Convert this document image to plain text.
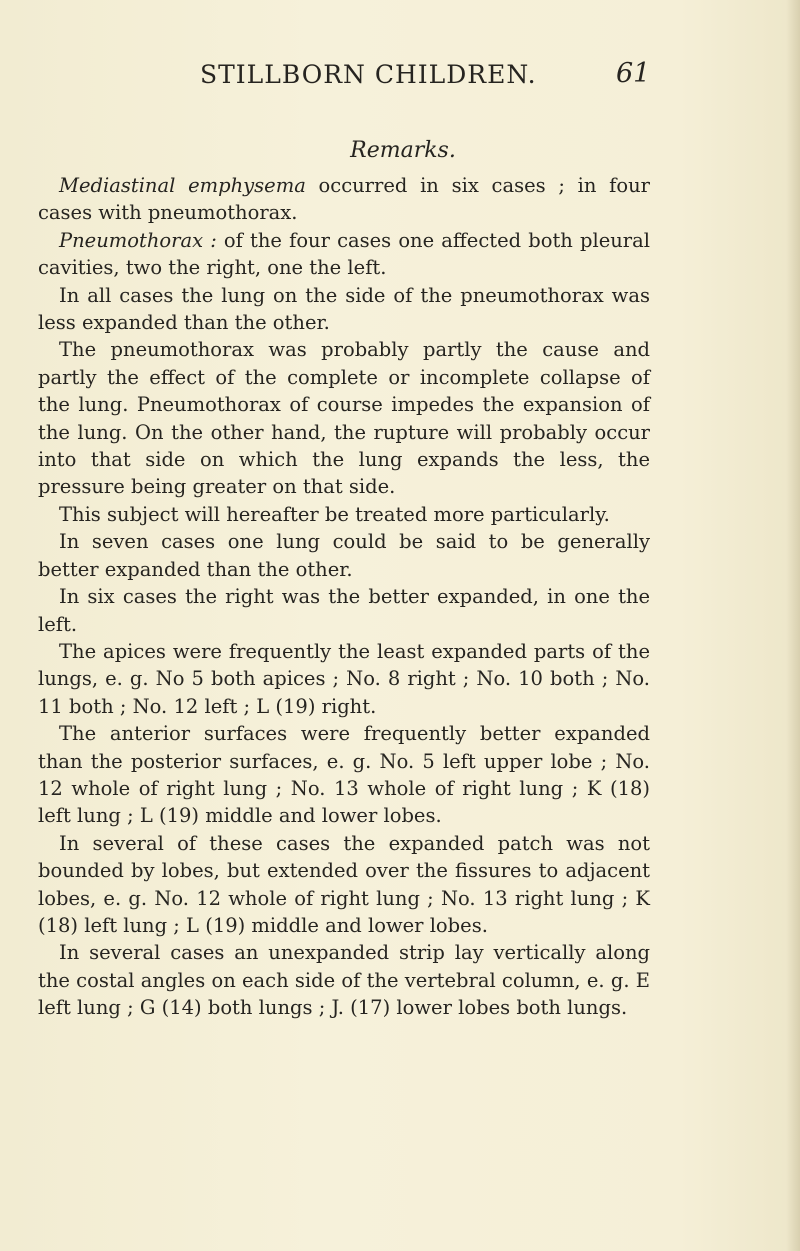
STILLBORN CHILDREN.	61
Remarks.

Mediastinal emphysema occurred in six cases ; in four cases with pneumothorax.

Pneumothorax : of the four cases one affected both pleural cavities, two the right, one the left.

In all cases the lung on the side of the pneumothorax was less expanded than the other.

The pneumothorax was probably partly the cause and partly the effect of the complete or incomplete collapse of the lung. Pneumothorax of course impedes the expansion of the lung. On the other hand, the rupture will probably occur into that side on which the lung expands the less, the pressure being greater on that side.

This subject will hereafter be treated more particularly.

In seven cases one lung could be said to be generally better expanded than the other.

In six cases the right was the better expanded, in one the left.

The apices were frequently the least expanded parts of the lungs, e. g. No 5 both apices ; No. 8 right ; No. 10 both ; No. 11 both ; No. 12 left ; L (19) right.

The anterior surfaces were frequently better expanded than the posterior surfaces, e. g. No. 5 left upper lobe ; No. 12 whole of right lung ; No. 13 whole of right lung ; K (18) left lung ; L (19) middle and lower lobes.

In several of these cases the expanded patch was not bounded by lobes, but extended over the fissures to adjacent lobes, e. g. No. 12 whole of right lung ; No. 13 right lung ; K (18) left lung ; L (19) middle and lower lobes.

In several cases an unexpanded strip lay vertically along the costal angles on each side of the vertebral column, e. g. E left lung ; G (14) both lungs ; J. (17) lower lobes both lungs.
